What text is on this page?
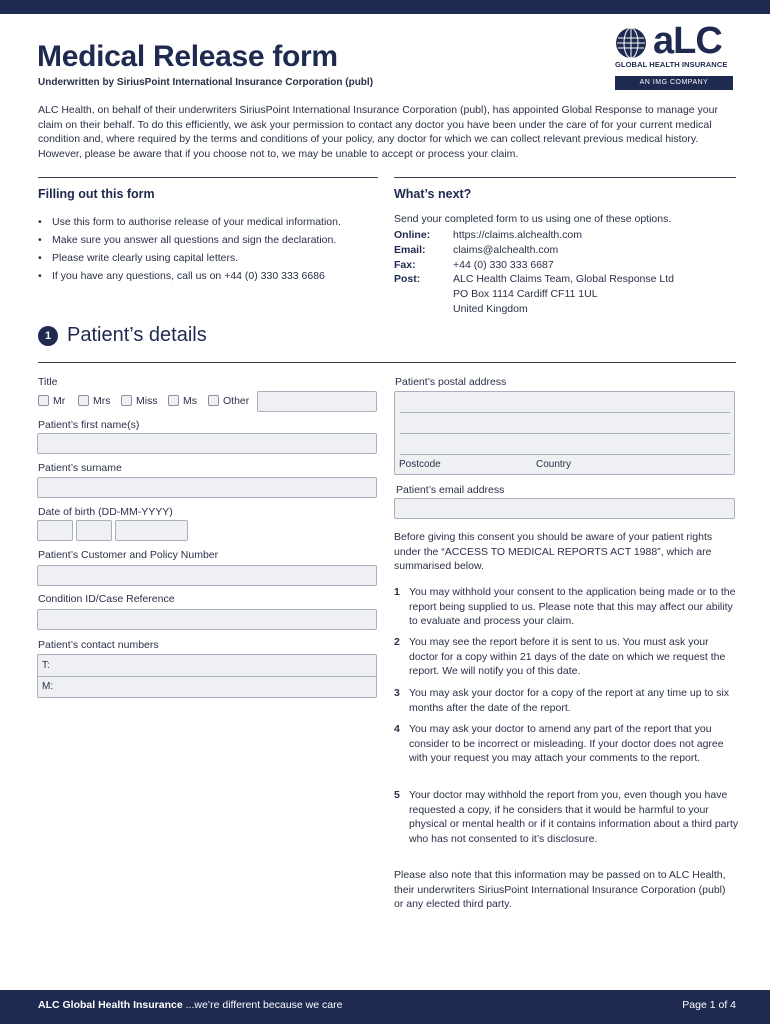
Medical Release form
Underwritten by SiriusPoint International Insurance Corporation (publ)
aLC
GLOBAL HEALTH INSURANCE
AN IMG COMPANY
ALC Health, on behalf of their underwriters SiriusPoint International Insurance Corporation (publ), has appointed Global Response to manage your claim on their behalf. To do this efficiently, we ask your permission to contact any doctor you have been under the care of for your current medical condition and, where required by the terms and conditions of your policy, any doctor for which we can collect relevant previous medical history. However, please be aware that if you choose not to, we may be unable to accept or process your claim.
Filling out this form
• Use this form to authorise release of your medical information.
• Make sure you answer all questions and sign the declaration.
• Please write clearly using capital letters.
• If you have any questions, call us on +44 (0) 330 333 6686
What’s next?
Send your completed form to us using one of these options.
Online:	https://claims.alchealth.com
Email:	claims@alchealth.com
Fax:	+44 (0) 330 333 6687
Post:	ALC Health Claims Team, Global Response Ltd
PO Box 1114 Cardiff CF11 1UL
United Kingdom
1 Patient’s details
Title
Mr	Mrs Miss Ms Other
Patient’s first name(s)
Patient’s surname
Date of birth (DD-MM-YYYY)
Patient’s Customer and Policy Number
Condition ID/Case Reference
Patient’s contact numbers
T:
M:
Patient’s postal address
Postcode	Country
Patient’s email address
Before giving this consent you should be aware of your patient rights under the “ACCESS TO MEDICAL REPORTS ACT 1988”, which are summarised below.
1 You may withhold your consent to the application being made or to the report being supplied to us. Please note that this may affect our ability to evaluate and process your claim.
2 You may see the report before it is sent to us. You must ask your doctor for a copy within 21 days of the date on which we request the report. We will notify you of this date.
3 You may ask your doctor for a copy of the report at any time up to six months after the date of the report.
4 You may ask your doctor to amend any part of the report that you consider to be incorrect or misleading. If your doctor does not agree with your request you may attach your comments to the report.
5 Your doctor may withhold the report from you, even though you have requested a copy, if he considers that it would be harmful to your physical or mental health or if it contains information about a third party who has not consented to it’s disclosure.
Please also note that this information may be passed on to ALC Health, their underwriters SiriusPoint International Insurance Corporation (publ) or any elected third party.
ALC Global Health Insurance ...we’re different because we care	Page 1 of 4
